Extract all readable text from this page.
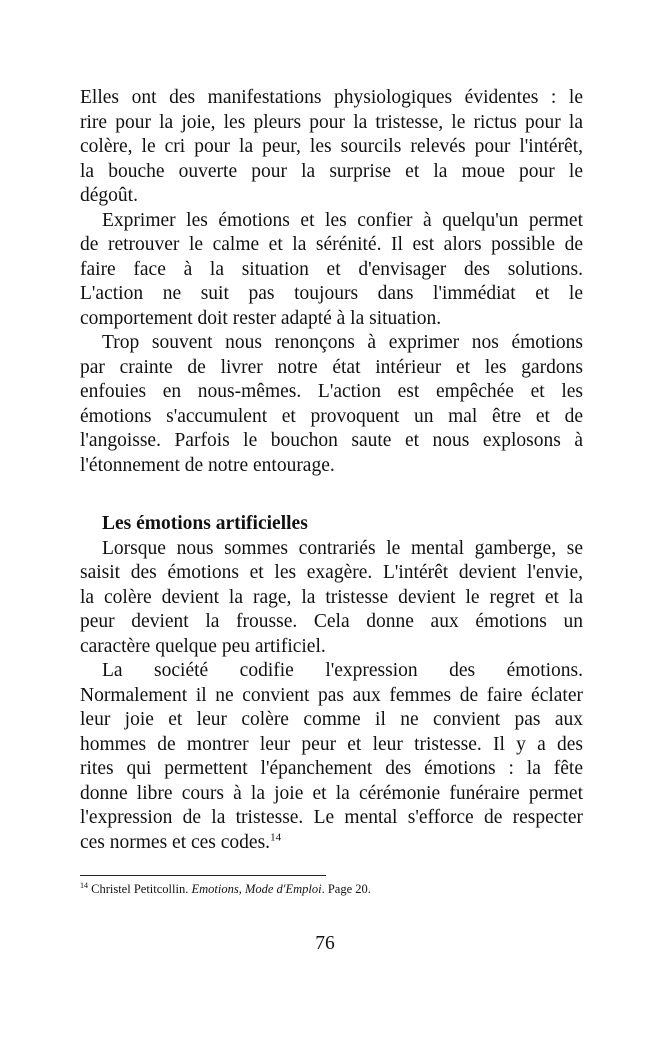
Elles ont des manifestations physiologiques évidentes : le
rire pour la joie, les pleurs pour la tristesse, le rictus pour la
colère, le cri pour la peur, les sourcils relevés pour l'intérêt,
la bouche ouverte pour la surprise et la moue pour le
dégoût.
Exprimer les émotions et les confier à quelqu'un permet
de retrouver le calme et la sérénité. Il est alors possible de
faire face à la situation et d'envisager des solutions.
L'action ne suit pas toujours dans l'immédiat et le
comportement doit rester adapté à la situation.
Trop souvent nous renonçons à exprimer nos émotions
par crainte de livrer notre état intérieur et les gardons
enfouies en nous-mêmes. L'action est empêchée et les
émotions s'accumulent et provoquent un mal être et de
l'angoisse. Parfois le bouchon saute et nous explosons à
l'étonnement de notre entourage.
Les émotions artificielles
Lorsque nous sommes contrariés le mental gamberge, se
saisit des émotions et les exagère. L'intérêt devient l'envie,
la colère devient la rage, la tristesse devient le regret et la
peur devient la frousse. Cela donne aux émotions un
caractère quelque peu artificiel.
La société codifie l'expression des émotions.
Normalement il ne convient pas aux femmes de faire éclater
leur joie et leur colère comme il ne convient pas aux
hommes de montrer leur peur et leur tristesse. Il y a des
rites qui permettent l'épanchement des émotions : la fête
donne libre cours à la joie et la cérémonie funéraire permet
l'expression de la tristesse. Le mental s'efforce de respecter
ces normes et ces codes.$^{14}$
$^{14}$ Christel Petitcollin. Emotions, Mode d'Emploi. Page 20.
76
